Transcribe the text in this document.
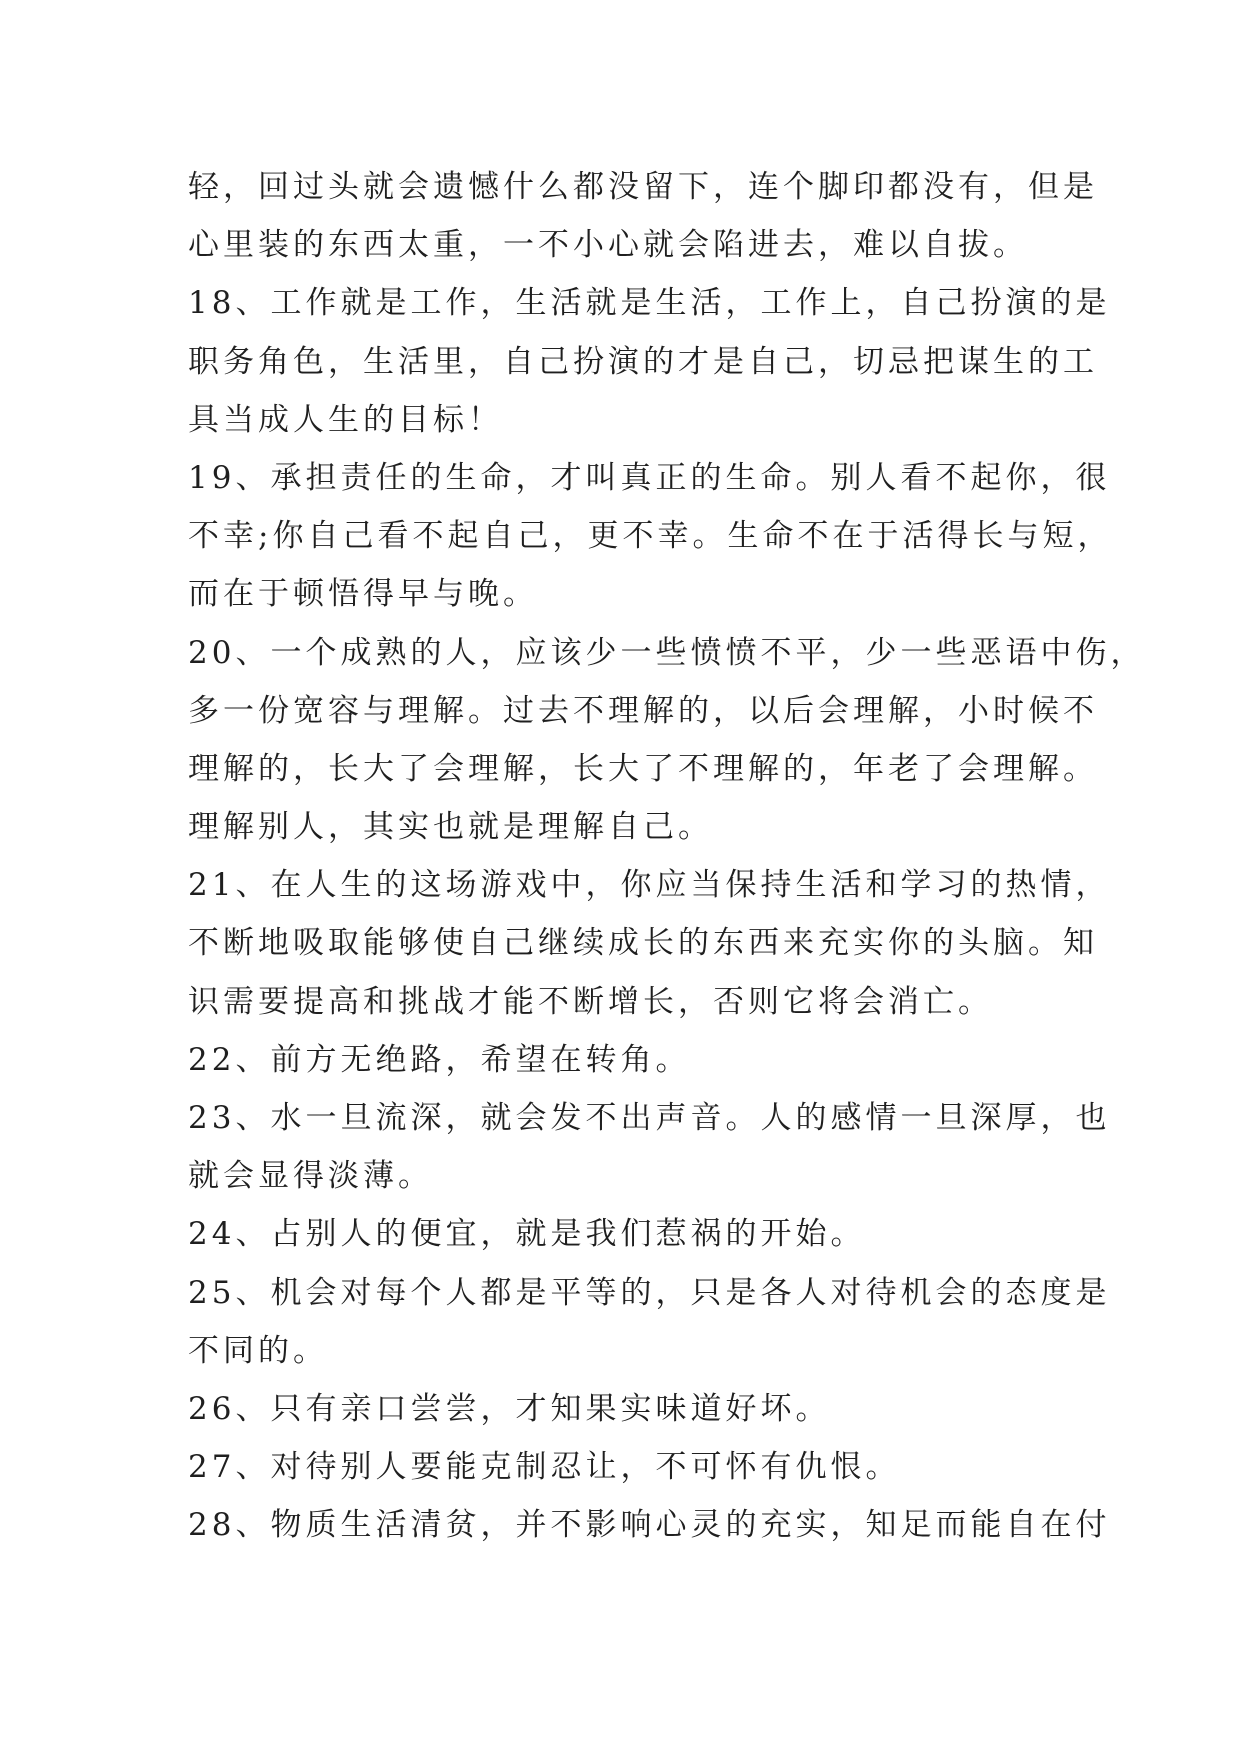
轻，回过头就会遗憾什么都没留下，连个脚印都没有，但是
心里装的东西太重，一不小心就会陷进去，难以自拔。
18、工作就是工作，生活就是生活，工作上，自己扮演的是
职务角色，生活里，自己扮演的才是自己，切忌把谋生的工
具当成人生的目标！
19、承担责任的生命，才叫真正的生命。别人看不起你，很
不幸;你自己看不起自己，更不幸。生命不在于活得长与短，
而在于顿悟得早与晚。
20、一个成熟的人，应该少一些愤愤不平，少一些恶语中伤，
多一份宽容与理解。过去不理解的，以后会理解，小时候不
理解的，长大了会理解，长大了不理解的，年老了会理解。
理解别人，其实也就是理解自己。
21、在人生的这场游戏中，你应当保持生活和学习的热情，
不断地吸取能够使自己继续成长的东西来充实你的头脑。知
识需要提高和挑战才能不断增长，否则它将会消亡。
22、前方无绝路，希望在转角。
23、水一旦流深，就会发不出声音。人的感情一旦深厚，也
就会显得淡薄。
24、占别人的便宜，就是我们惹祸的开始。
25、机会对每个人都是平等的，只是各人对待机会的态度是
不同的。
26、只有亲口尝尝，才知果实味道好坏。
27、对待别人要能克制忍让，不可怀有仇恨。
28、物质生活清贫，并不影响心灵的充实，知足而能自在付
